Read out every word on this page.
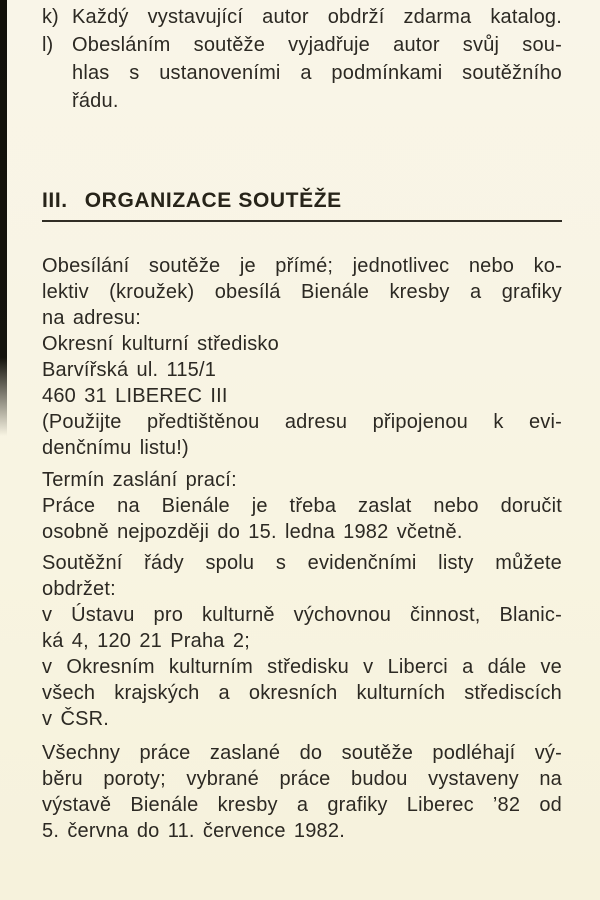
k) Každý vystavující autor obdrží zdarma katalog.
l) Obesláním soutěže vyjadřuje autor svůj sou-
hlas s ustanoveními a podmínkami soutěžního
řádu.
III. ORGANIZACE SOUTĚŽE
Obesílání soutěže je přímé; jednotlivec nebo ko-
lektiv (kroužek) obesílá Bienále kresby a grafiky
na adresu:
Okresní kulturní středisko
Barvířská ul. 115/1
460 31 LIBEREC III
(Použijte předtištěnou adresu připojenou k evi-
denčnímu listu!)
Termín zaslání prací:
Práce na Bienále je třeba zaslat nebo doručit
osobně nejpozději do 15. ledna 1982 včetně.
Soutěžní řády spolu s evidenčními listy můžete
obdržet:
v Ústavu pro kulturně výchovnou činnost, Blanic-
ká 4, 120 21 Praha 2;
v Okresním kulturním středisku v Liberci a dále ve
všech krajských a okresních kulturních střediscích
v ČSR.
Všechny práce zaslané do soutěže podléhají vý-
běru poroty; vybrané práce budou vystaveny na
výstavě Bienále kresby a grafiky Liberec ’82 od
5. června do 11. července 1982.
